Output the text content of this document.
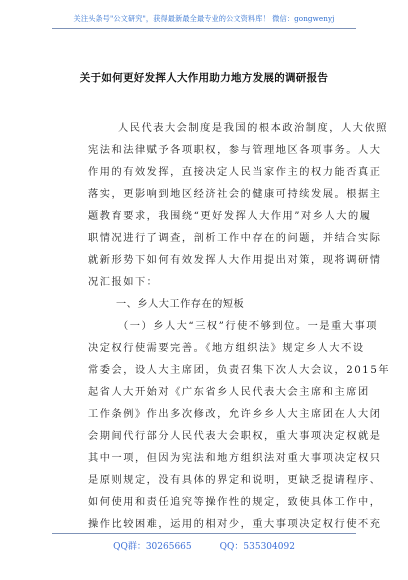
关注头条号"公文研究"，获得最新最全最专业的公文资料库！ 微信：gongwenyj
关于如何更好发挥人大作用助力地方发展的调研报告
人民代表大会制度是我国的根本政治制度，人大依照
宪法和法律赋予各项职权，参与管理地区各项事务。人大
作用的有效发挥，直接决定人民当家作主的权力能否真正
落实，更影响到地区经济社会的健康可持续发展。根据主
题教育要求，我围绕“更好发挥人大作用”对乡人大的履
职情况进行了调查，剖析工作中存在的问题，并结合实际
就新形势下如何有效发挥人大作用提出对策，现将调研情
况汇报如下：
一、乡人大工作存在的短板
（一）乡人大“三权”行使不够到位。一是重大事项
决定权行使需要完善。《地方组织法》规定乡人大不设
常委会，设人大主席团，负责召集下次人大会议，2015年
起省人大开始对《广东省乡人民代表大会主席和主席团
工作条例》作出多次修改，允许乡乡人大主席团在人大闭
会期间代行部分人民代表大会职权，重大事项决定权就是
其中一项，但因为宪法和地方组织法对重大事项决定权只
是原则规定，没有具体的界定和说明，更缺乏提请程序、
如何使用和责任追究等操作性的规定，致使具体工作中，
操作比较困难，运用的相对少，重大事项决定权行使不充
QQ群：30265665	QQ：535304092
